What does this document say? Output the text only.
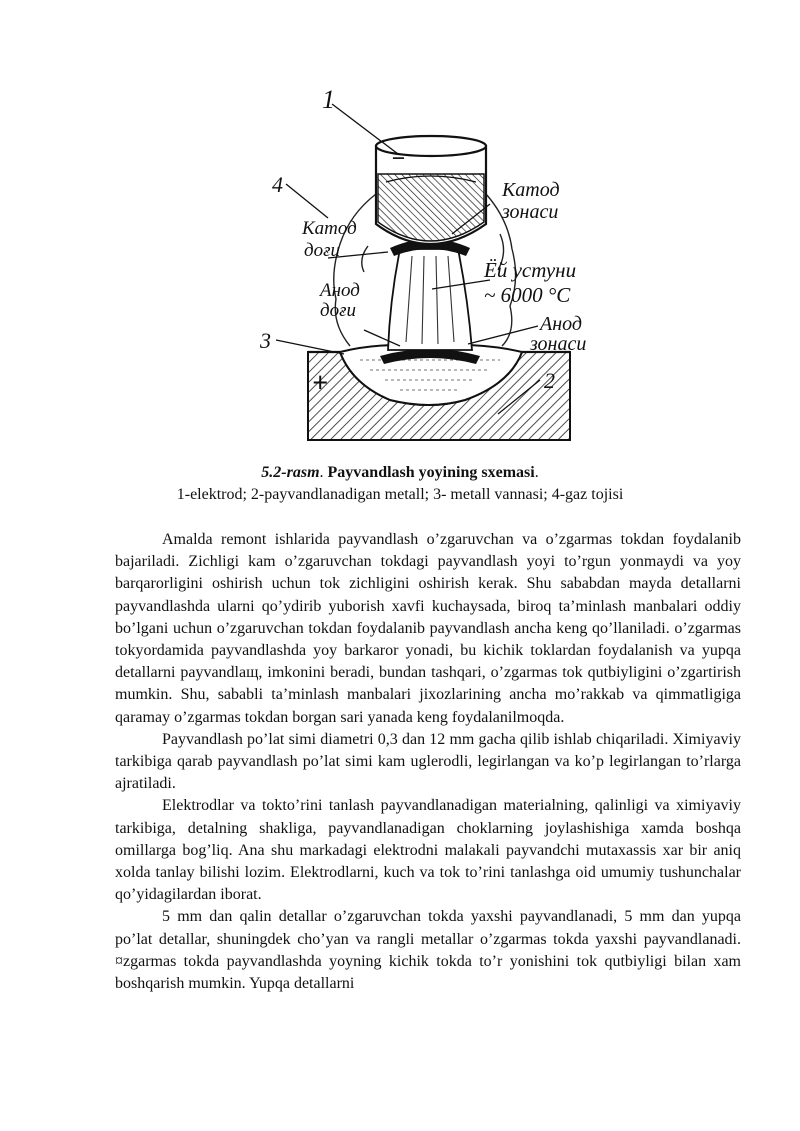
1
4
3
2
−
+
Катод
зонаси
Катод
доғи
Ёй устуни
~ 6000 °С
Анод
доғи
Анод
зонаси
5.2-rasm. Payvandlash yoyining sxemasi.
1-elektrod; 2-payvandlanadigan metall; 3- metall vannasi; 4-gaz tojisi

Amalda remont ishlarida payvandlash o’zgaruvchan va o’zgarmas tokdan foydalanib bajariladi. Zichligi kam o’zgaruvchan tokdagi payvandlash yoyi to’rgun yonmaydi va yoy barqarorligini oshirish uchun tok zichligini oshirish kerak. Shu sababdan mayda detallarni payvandlashda ularni qo’ydirib yuborish xavfi kuchaysada, biroq ta’minlash manbalari oddiy bo’lgani uchun o’zgaruvchan tokdan foydalanib payvandlash ancha keng qo’llaniladi. o’zgarmas tokyordamida payvandlashda yoy barkaror yonadi, bu kichik toklardan foydalanish va yupqa detallarni payvandlaщ, imkonini beradi, bundan tashqari, o’zgarmas tok qutbiyligini o’zgartirish mumkin. Shu, sababli ta’minlash manbalari jixozlarining ancha mo’rakkab va qimmatligiga qaramay o’zgarmas tokdan borgan sari yanada keng foydalanilmoqda.

Payvandlash po’lat simi diametri 0,3 dan 12 mm gacha qilib ishlab chiqariladi. Ximiyaviy tarkibiga qarab payvandlash po’lat simi kam uglerodli, legirlangan va ko’p legirlangan to’rlarga ajratiladi.

Elektrodlar va tokto’rini tanlash payvandlanadigan materialning, qalinligi va ximiyaviy tarkibiga, detalning shakliga, payvandlanadigan choklarning joylashishiga xamda boshqa omillarga bog’liq. Ana shu markadagi elektrodni malakali payvandchi mutaxassis xar bir aniq xolda tanlay bilishi lozim. Elektrodlarni, kuch va tok to’rini tanlashga oid umumiy tushunchalar qo’yidagilardan iborat.

5 mm dan qalin detallar o’zgaruvchan tokda yaxshi payvandlanadi, 5 mm dan yupqa po’lat detallar, shuningdek cho’yan va rangli metallar o’zgarmas tokda yaxshi payvandlanadi. ¤zgarmas tokda payvandlashda yoyning kichik tokda to’r yonishini tok qutbiyligi bilan xam boshqarish mumkin. Yupqa detallarni
